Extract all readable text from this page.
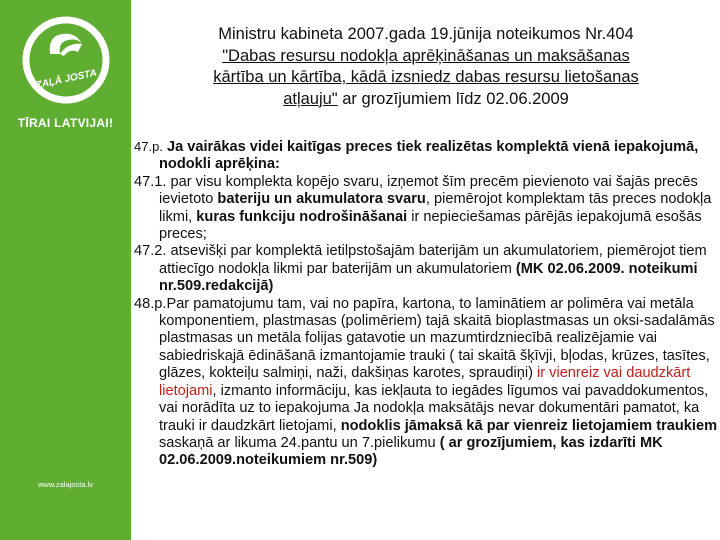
ZAĻĀ JOSTA
TĪRAI LATVIJAI!
www.zalajosta.lv
Ministru kabineta 2007.gada 19.jūnija noteikumos Nr.404
"Dabas resursu nodokļa aprēķināšanas un maksāšanas
kārtība un kārtība, kādā izsniedz dabas resursu lietošanas
atļauju" ar grozījumiem līdz 02.06.2009

47.p. Ja vairākas videi kaitīgas preces tiek realizētas komplektā vienā iepakojumā, nodokli aprēķina:

47.1. par visu komplekta kopējo svaru, izņemot šīm precēm pievienoto vai šajās precēs ievietoto bateriju un akumulatora svaru, piemērojot komplektam tās preces nodokļa likmi, kuras funkciju nodrošināšanai ir nepieciešamas pārējās iepakojumā esošās preces;

47.2. atsevišķi par komplektā ietilpstošajām baterijām un akumulatoriem, piemērojot tiem attiecīgo nodokļa likmi par baterijām un akumulatoriem (MK 02.06.2009. noteikumi nr.509.redakcijā)

48.p.Par pamatojumu tam, vai no papīra, kartona, to laminātiem ar polimēra vai metāla komponentiem, plastmasas (polimēriem) tajā skaitā bioplastmasas un oksi-sadalāmās plastmasas un metāla folijas gatavotie un mazumtirdzniecībā realizējamie vai sabiedriskajā ēdināšanā izmantojamie trauki ( tai skaitā šķīvji, bļodas, krūzes, tasītes, glāzes, kokteiļu salmiņi, naži, dakšiņas karotes, spraudiņi) ir vienreiz vai daudzkārt lietojami, izmanto informāciju, kas iekļauta to iegādes līgumos vai pavaddokumentos, vai norādīta uz to iepakojuma Ja nodokļa maksātājs nevar dokumentāri pamatot, ka trauki ir daudzkārt lietojami, nodoklis jāmaksā kā par vienreiz lietojamiem traukiem saskaņā ar likuma 24.pantu un 7.pielikumu ( ar grozījumiem, kas izdarīti MK 02.06.2009.noteikumiem nr.509)
